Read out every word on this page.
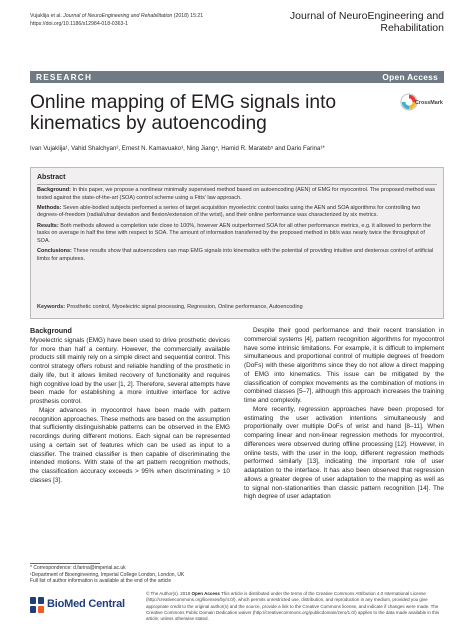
Vujaklija et al. Journal of NeuroEngineering and Rehabilitation (2018) 15:21
https://doi.org/10.1186/s12984-018-0363-1
Journal of NeuroEngineering and Rehabilitation
RESEARCH	Open Access
Online mapping of EMG signals into kinematics by autoencoding
CrossMark
Ivan Vujaklija¹, Vahid Shalchyan², Ernest N. Kamavuako³, Ning Jiang⁴, Hamid R. Marateb⁵ and Dario Farina¹*
Abstract

Background: In this paper, we propose a nonlinear minimally supervised method based on autoencoding (AEN) of EMG for myocontrol. The proposed method was tested against the state-of-the-art (SOA) control scheme using a Fitts' law approach.

Methods: Seven able-bodied subjects performed a series of target acquisition myoelectric control tasks using the AEN and SOA algorithms for controlling two degrees-of-freedom (radial/ulnar deviation and flexion/extension of the wrist), and their online performance was characterized by six metrics.

Results: Both methods allowed a completion rate close to 100%, however AEN outperformed SOA for all other performance metrics, e.g. it allowed to perform the tasks on average in half the time with respect to SOA. The amount of information transferred by the proposed method in bit/s was nearly twice the throughput of SOA.

Conclusions: These results show that autoencoders can map EMG signals into kinematics with the potential of providing intuitive and dexterous control of artificial limbs for amputees.

Keywords: Prosthetic control, Myoelectric signal processing, Regression, Online performance, Autoencoding
Background

Myoelectric signals (EMG) have been used to drive prosthetic devices for more than half a century. However, the commercially available products still mainly rely on a simple direct and sequential control. This control strategy offers robust and reliable handling of the prosthetic in daily life, but it allows limited recovery of functionality and requires high cognitive load by the user [1, 2]. Therefore, several attempts have been made for establishing a more intuitive interface for active prosthesis control.

Major advances in myocontrol have been made with pattern recognition approaches. These methods are based on the assumption that sufficiently distinguishable patterns can be observed in the EMG recordings during different motions. Each signal can be represented using a certain set of features which can be used as input to a classifier. The trained classifier is then capable of discriminating the intended motions. With state of the art pattern recognition methods, the classification accuracy exceeds > 95% when discriminating > 10 classes [3].

Despite their good performance and their recent translation in commercial systems [4], pattern recognition algorithms for myocontrol have some intrinsic limitations. For example, it is difficult to implement simultaneous and proportional control of multiple degrees of freedom (DoFs) with these algorithms since they do not allow a direct mapping of EMG into kinematics. This issue can be mitigated by the classification of complex movements as the combination of motions in combined classes [5–7], although this approach increases the training time and complexity.

More recently, regression approaches have been proposed for estimating the user activation intentions simultaneously and proportionally over multiple DoFs of wrist and hand [8–11]. When comparing linear and non-linear regression methods for myocontrol, differences were observed during offline processing [12]. However, in online tests, with the user in the loop, different regression methods performed similarly [13], indicating the important role of user adaptation to the interface. It has also been observed that regression allows a greater degree of user adaptation to the mapping as well as to signal non-stationarities than classic pattern recognition [14]. The high degree of user adaptation

* Correspondence: d.farina@imperial.ac.uk
¹Department of Bioengineering, Imperial College London, London, UK
Full list of author information is available at the end of the article
BioMed Central
© The Author(s). 2018 Open Access This article is distributed under the terms of the Creative Commons Attribution 4.0 International License (http://creativecommons.org/licenses/by/4.0/), which permits unrestricted use, distribution, and reproduction in any medium, provided you give appropriate credit to the original author(s) and the source, provide a link to the Creative Commons license, and indicate if changes were made. The Creative Commons Public Domain Dedication waiver (http://creativecommons.org/publicdomain/zero/1.0/) applies to the data made available in this article, unless otherwise stated.
